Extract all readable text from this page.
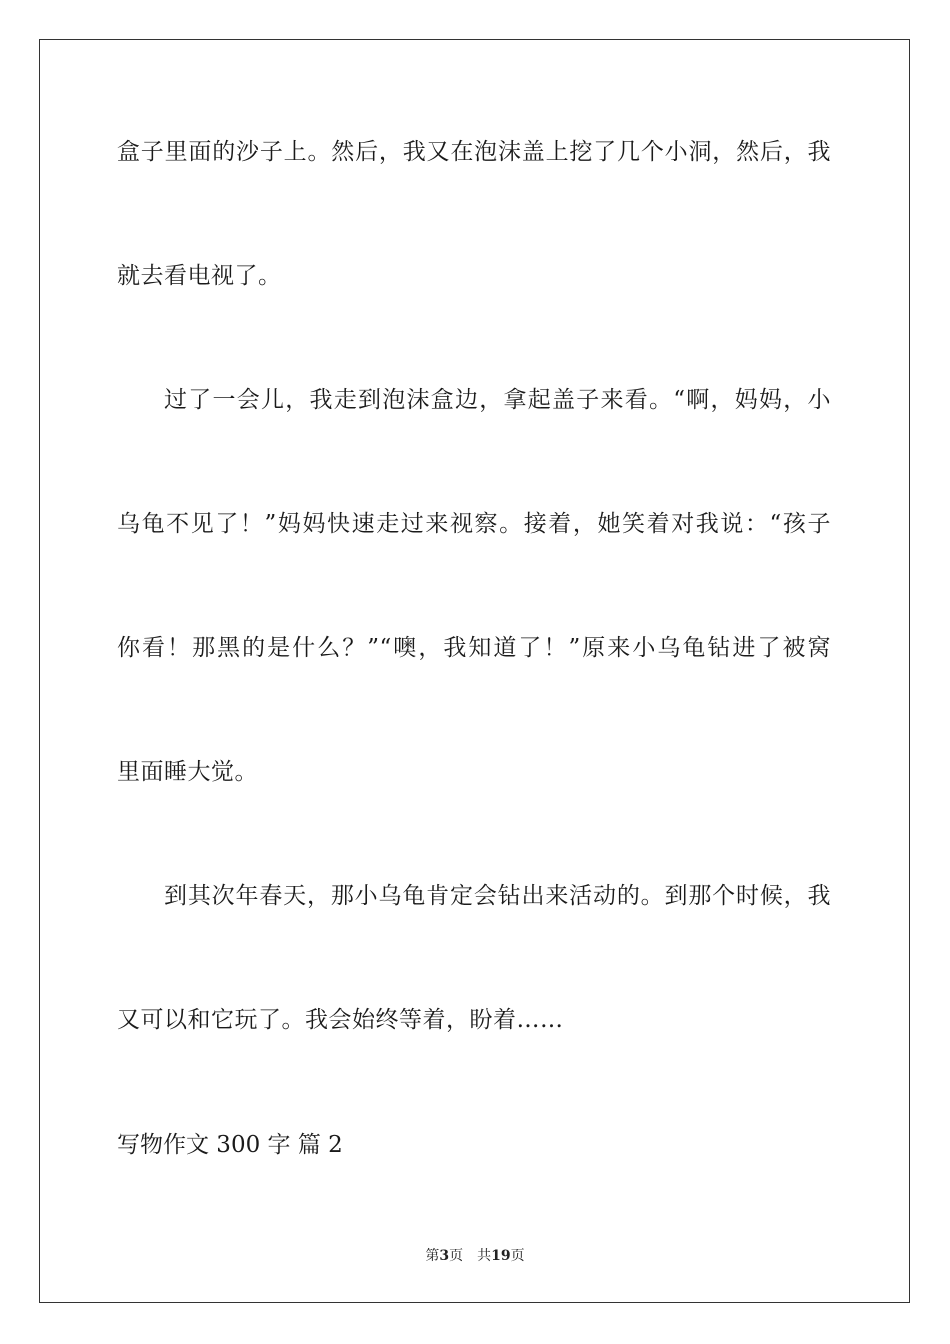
盒子里面的沙子上。然后，我又在泡沫盖上挖了几个小洞，然后，我
就去看电视了。
过了一会儿，我走到泡沫盒边，拿起盖子来看。“啊，妈妈，小
乌龟不见了！”妈妈快速走过来视察。接着，她笑着对我说：“孩子
你看！那黑的是什么？”“噢，我知道了！”原来小乌龟钻进了被窝
里面睡大觉。
到其次年春天，那小乌龟肯定会钻出来活动的。到那个时候，我
又可以和它玩了。我会始终等着，盼着……
写物作文 300 字 篇 2
第3页 共19页
